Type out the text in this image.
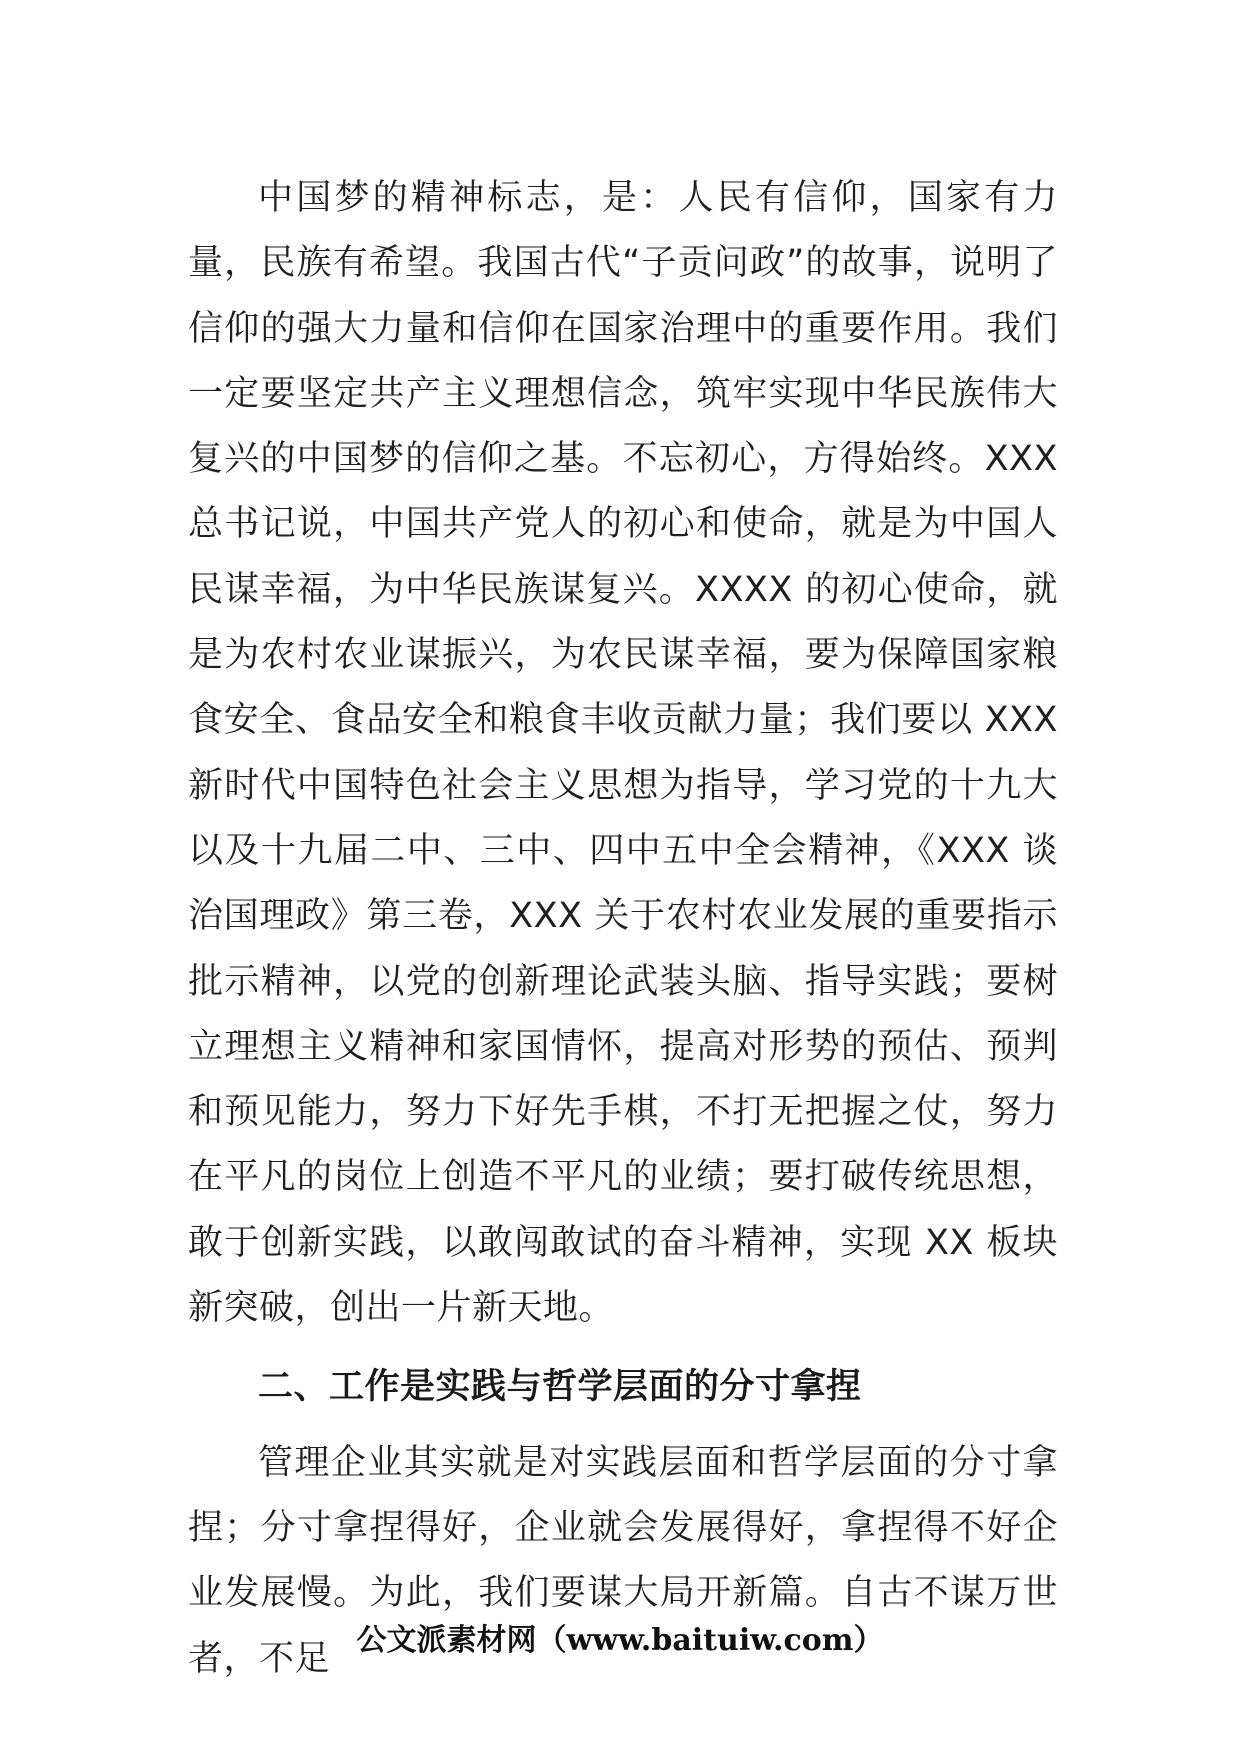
中国梦的精神标志，是：人民有信仰，国家有力量，民族有希望。我国古代“子贡问政”的故事，说明了信仰的强大力量和信仰在国家治理中的重要作用。我们一定要坚定共产主义理想信念，筑牢实现中华民族伟大复兴的中国梦的信仰之基。不忘初心，方得始终。XXX 总书记说，中国共产党人的初心和使命，就是为中国人民谋幸福，为中华民族谋复兴。XXXX 的初心使命，就是为农村农业谋振兴，为农民谋幸福，要为保障国家粮食安全、食品安全和粮食丰收贡献力量；我们要以 XXX 新时代中国特色社会主义思想为指导，学习党的十九大以及十九届二中、三中、四中五中全会精神，《XXX 谈治国理政》第三卷，XXX 关于农村农业发展的重要指示批示精神，以党的创新理论武装头脑、指导实践；要树立理想主义精神和家国情怀，提高对形势的预估、预判和预见能力，努力下好先手棋，不打无把握之仗，努力在平凡的岗位上创造不平凡的业绩；要打破传统思想，敢于创新实践，以敢闯敢试的奋斗精神，实现 XX 板块新突破，创出一片新天地。

二、工作是实践与哲学层面的分寸拿捏

管理企业其实就是对实践层面和哲学层面的分寸拿捏；分寸拿捏得好，企业就会发展得好，拿捏得不好企业发展慢。为此，我们要谋大局开新篇。自古不谋万世者，不足 公文派素材网（www.baituiw.com）
